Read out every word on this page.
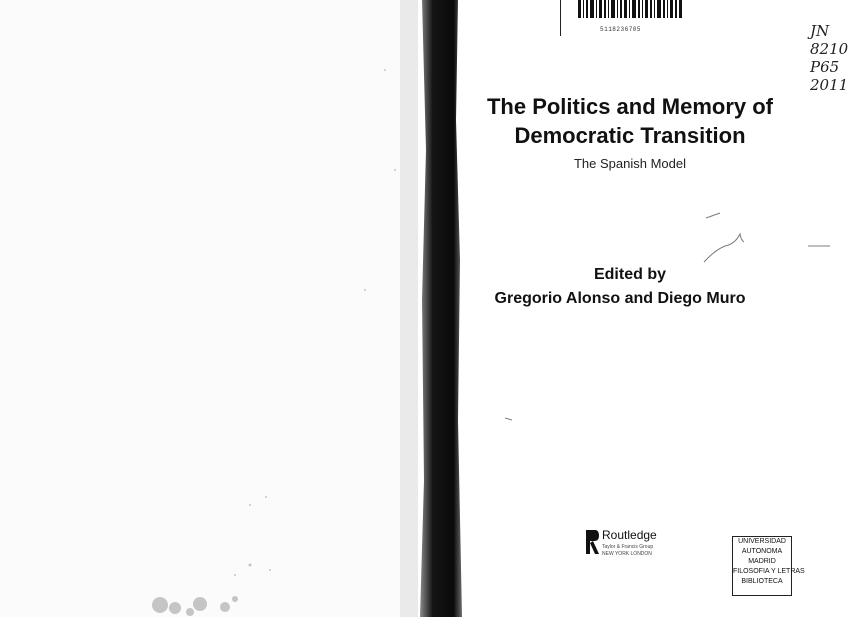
5118236705	JN
8210
P65
2011
The Politics and Memory of
Democratic Transition
The Spanish Model
Edited by
Gregorio Alonso and Diego Muro
Routledge
Taylor & Francis Group
NEW YORK LONDON
UNIVERSIDAD
AUTONOMA
MADRID
FILOSOFIA Y LETRAS
BIBLIOTECA
